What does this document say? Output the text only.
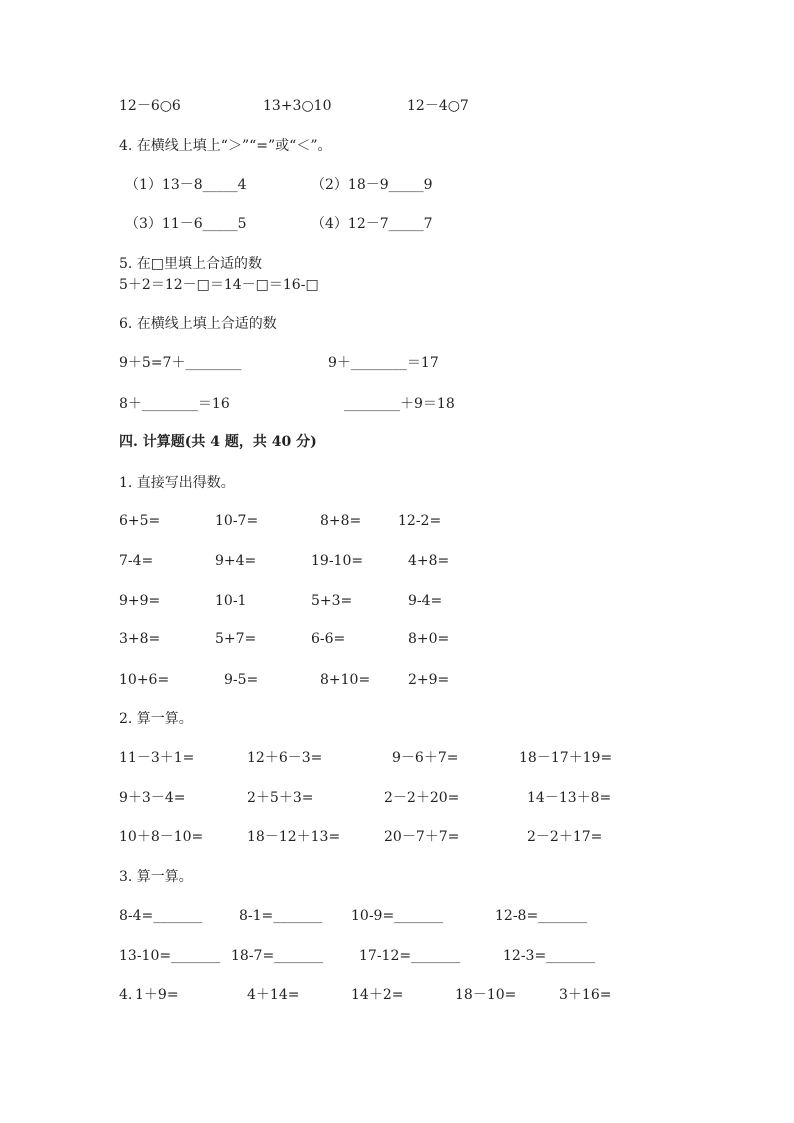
12－6○6	13+3○10	12－4○7
4. 在横线上填上“＞”“=”或“＜”。
（1）13－8_____4	（2）18－9_____9
（3）11－6_____5	（4）12－7_____7
5. 在□里填上合适的数
5＋2＝12－□＝14－□＝16-□
6. 在横线上填上合适的数
9＋5=7＋________	9＋________＝17
8＋________＝16	________＋9＝18
四. 计算题(共 4 题，共 40 分)
1. 直接写出得数。
6+5=	10-7=	8+8=	12-2=
7-4=	9+4=	19-10=	4+8=
9+9=	10-1	5+3=	9-4=
3+8=	5+7=	6-6=	8+0=
10+6=	9-5=	8+10=	2+9=
2. 算一算。
11－3＋1=	12＋6－3=	9－6＋7=	18－17＋19=
9＋3－4=	2＋5＋3=	2－2＋20=	14－13＋8=
10＋8－10=	18－12＋13=	20－7＋7=	2－2＋17=
3. 算一算。
8-4=_______	8-1=_______ 10-9=_______	12-8=_______
13-10=_______ 18-7=_______	17-12=_______	12-3=_______
4. 1＋9=	4＋14=	14＋2=	18－10=	3＋16=
